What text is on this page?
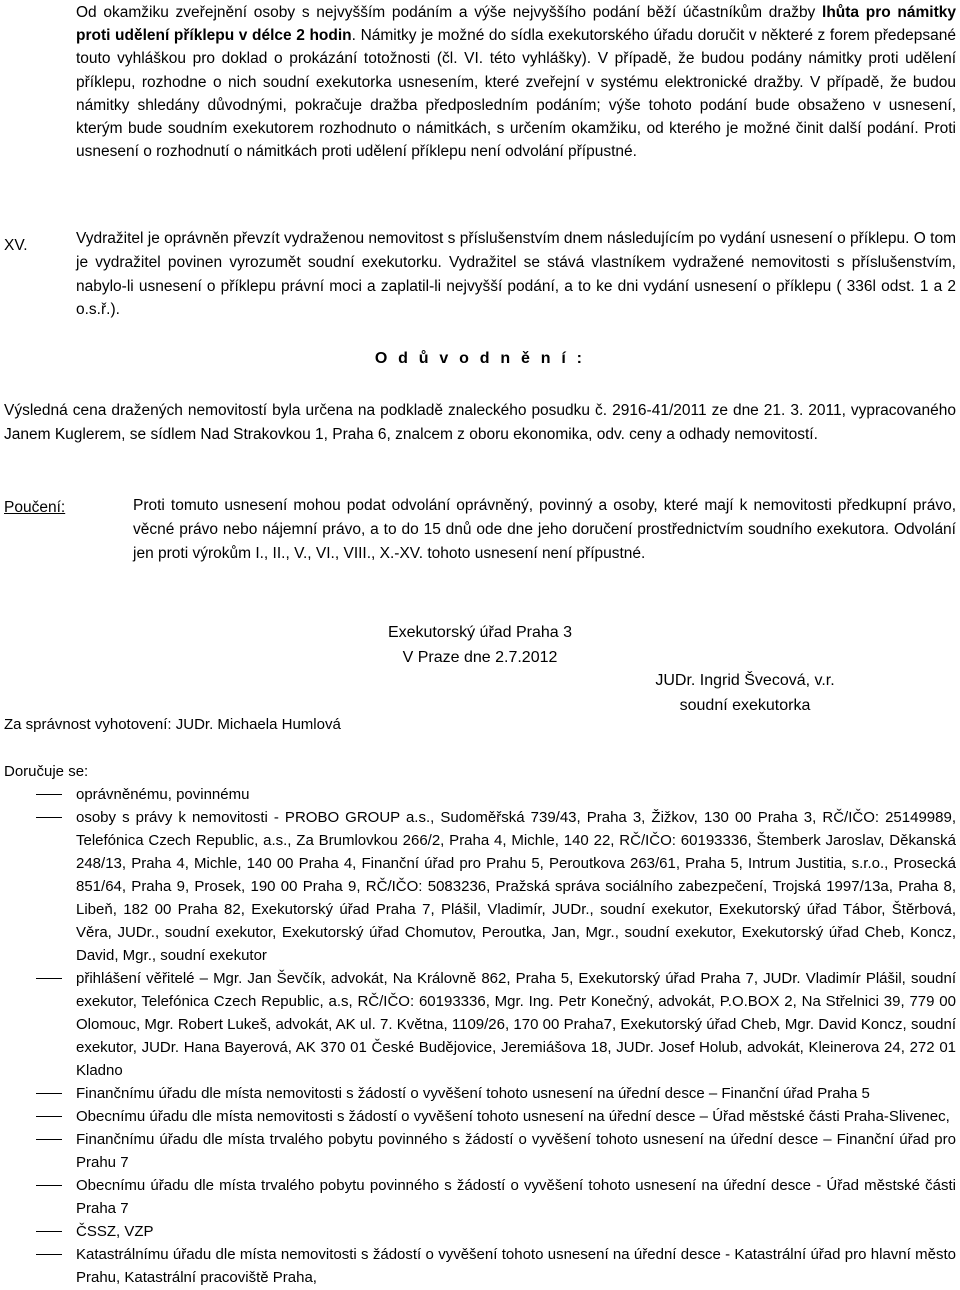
Od okamžiku zveřejnění osoby s nejvyšším podáním a výše nejvyššího podání běží účastníkům dražby lhůta pro námitky proti udělení příklepu v délce 2 hodin. Námitky je možné do sídla exekutorského úřadu doručit v některé z forem předepsané touto vyhláškou pro doklad o prokázání totožnosti (čl. VI. této vyhlášky). V případě, že budou podány námitky proti udělení příklepu, rozhodne o nich soudní exekutorka usnesením, které zveřejní v systému elektronické dražby. V případě, že budou námitky shledány důvodnými, pokračuje dražba předposledním podáním; výše tohoto podání bude obsaženo v usnesení, kterým bude soudním exekutorem rozhodnuto o námitkách, s určením okamžiku, od kterého je možné činit další podání. Proti usnesení o rozhodnutí o námitkách proti udělení příklepu není odvolání přípustné.
XV.	Vydražitel je oprávněn převzít vydraženou nemovitost s příslušenstvím dnem následujícím po vydání usnesení o příklepu. O tom je vydražitel povinen vyrozumět soudní exekutorku. Vydražitel se stává vlastníkem vydražené nemovitosti s příslušenstvím, nabylo-li usnesení o příklepu právní moci a zaplatil-li nejvyšší podání, a to ke dni vydání usnesení o příklepu ( 336l odst. 1 a 2 o.s.ř.).
O d ů v o d n ě n í :
Výsledná cena dražených nemovitostí byla určena na podkladě znaleckého posudku č. 2916-41/2011 ze dne 21. 3. 2011, vypracovaného Janem Kuglerem, se sídlem Nad Strakovkou 1, Praha 6, znalcem z oboru ekonomika, odv. ceny a odhady nemovitostí.
Poučení:	Proti tomuto usnesení mohou podat odvolání oprávněný, povinný a osoby, které mají k nemovitosti předkupní právo, věcné právo nebo nájemní právo, a to do 15 dnů ode dne jeho doručení prostřednictvím soudního exekutora. Odvolání jen proti výrokům I., II., V., VI., VIII., X.-XV. tohoto usnesení není přípustné.
Exekutorský úřad Praha 3
V Praze dne 2.7.2012
JUDr. Ingrid Švecová, v.r.
soudní exekutorka
Za správnost vyhotovení: JUDr. Michaela Humlová
Doručuje se:
oprávněnému, povinnému
osoby s právy k nemovitosti - PROBO GROUP a.s., Sudoměřská 739/43, Praha 3, Žižkov, 130 00 Praha 3, RČ/IČO: 25149989, Telefónica Czech Republic, a.s., Za Brumlovkou 266/2, Praha 4, Michle, 140 22, RČ/IČO: 60193336, Štemberk Jaroslav, Děkanská 248/13, Praha 4, Michle, 140 00 Praha 4, Finanční úřad pro Prahu 5, Peroutkova 263/61, Praha 5, Intrum Justitia, s.r.o., Prosecká 851/64, Praha 9, Prosek, 190 00 Praha 9, RČ/IČO: 5083236, Pražská správa sociálního zabezpečení, Trojská 1997/13a, Praha 8, Libeň, 182 00 Praha 82, Exekutorský úřad Praha 7, Plášil, Vladimír, JUDr., soudní exekutor, Exekutorský úřad Tábor, Štěrbová, Věra, JUDr., soudní exekutor, Exekutorský úřad Chomutov, Peroutka, Jan, Mgr., soudní exekutor, Exekutorský úřad Cheb, Koncz, David, Mgr., soudní exekutor
přihlášení věřitelé – Mgr. Jan Ševčík, advokát, Na Královně 862, Praha 5, Exekutorský úřad Praha 7, JUDr. Vladimír Plášil, soudní exekutor, Telefónica Czech Republic, a.s, RČ/IČO: 60193336, Mgr. Ing. Petr Konečný, advokát, P.O.BOX 2, Na Střelnici 39, 779 00 Olomouc, Mgr. Robert Lukeš, advokát, AK ul. 7. Května, 1109/26, 170 00 Praha7, Exekutorský úřad Cheb, Mgr. David Koncz, soudní exekutor, JUDr. Hana Bayerová, AK 370 01 České Budějovice, Jeremiášova 18, JUDr. Josef Holub, advokát, Kleinerova 24, 272 01 Kladno
Finančnímu úřadu dle místa nemovitosti s žádostí o vyvěšení tohoto usnesení na úřední desce – Finanční úřad Praha 5
Obecnímu úřadu dle místa nemovitosti s žádostí o vyvěšení tohoto usnesení na úřední desce – Úřad městské části Praha-Slivenec,
Finančnímu úřadu dle místa trvalého pobytu povinného s žádostí o vyvěšení tohoto usnesení na úřední desce – Finanční úřad pro Prahu 7
Obecnímu úřadu dle místa trvalého pobytu povinného s žádostí o vyvěšení tohoto usnesení na úřední desce - Úřad městské části Praha 7
ČSSZ, VZP
Katastrálnímu úřadu dle místa nemovitosti s žádostí o vyvěšení tohoto usnesení na úřední desce - Katastrální úřad pro hlavní město Prahu, Katastrální pracoviště Praha,
